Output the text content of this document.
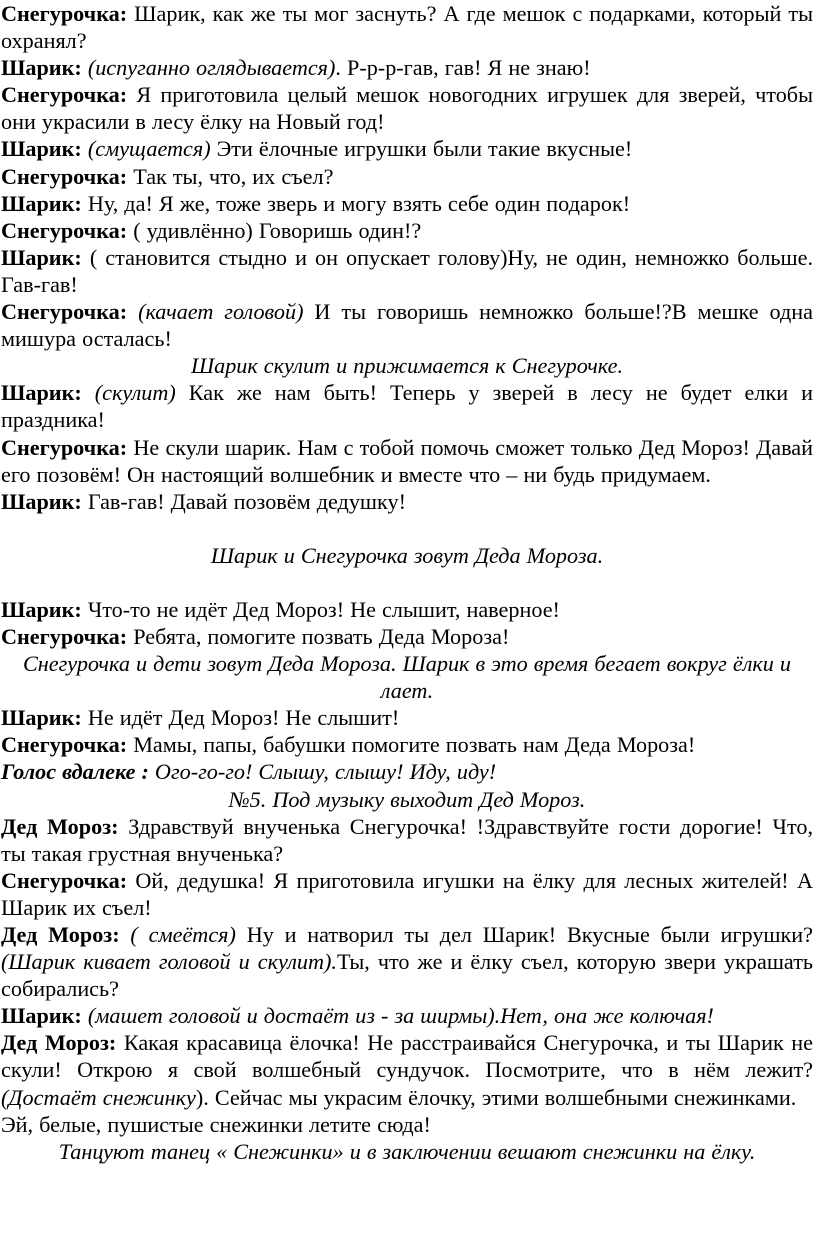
Снегурочка: Шарик, как же ты мог заснуть? А где мешок с подарками, который ты охранял?

Шарик: (испуганно оглядывается). Р-р-р-гав, гав! Я не знаю!

Снегурочка: Я приготовила целый мешок новогодних игрушек для зверей, чтобы они украсили в лесу ёлку на Новый год!

Шарик: (смущается) Эти ёлочные игрушки были такие вкусные!

Снегурочка: Так ты, что, их съел?

Шарик: Ну, да! Я же, тоже зверь и могу взять себе один подарок!

Снегурочка: ( удивлённо) Говоришь один!?

Шарик: ( становится стыдно и он опускает голову)Ну, не один, немножко больше. Гав-гав!

Снегурочка: (качает головой) И ты говоришь немножко больше!?В мешке одна мишура осталась!

Шарик скулит и прижимается к Снегурочке.

Шарик: (скулит) Как же нам быть! Теперь у зверей в лесу не будет елки и праздника!

Снегурочка: Не скули шарик. Нам с тобой помочь сможет только Дед Мороз! Давай его позовём! Он настоящий волшебник и вместе что – ни будь придумаем.

Шарик: Гав-гав! Давай позовём дедушку!

Шарик и Снегурочка зовут Деда Мороза.

Шарик: Что-то не идёт Дед Мороз! Не слышит, наверное!

Снегурочка: Ребята, помогите позвать Деда Мороза!

Снегурочка и дети зовут Деда Мороза. Шарик в это время бегает вокруг ёлки и лает.

Шарик: Не идёт Дед Мороз! Не слышит!

Снегурочка: Мамы, папы, бабушки помогите позвать нам Деда Мороза!

Голос вдалеке : Ого-го-го! Слышу, слышу! Иду, иду!

№5. Под музыку выходит Дед Мороз.

Дед Мороз: Здравствуй внученька Снегурочка! !Здравствуйте гости дорогие! Что, ты такая грустная внученька?

Снегурочка: Ой, дедушка! Я приготовила игушки на ёлку для лесных жителей! А Шарик их съел!

Дед Мороз: ( смеётся) Ну и натворил ты дел Шарик! Вкусные были игрушки? (Шарик кивает головой и скулит).Ты, что же и ёлку съел, которую звери украшать собирались?

Шарик: (машет головой и достаёт из - за ширмы).Нет, она же колючая!

Дед Мороз: Какая красавица ёлочка! Не расстраивайся Снегурочка, и ты Шарик не скули! Открою я свой волшебный сундучок. Посмотрите, что в нём лежит? (Достаёт снежинку). Сейчас мы украсим ёлочку, этими волшебными снежинками.

Эй, белые, пушистые снежинки летите сюда!

Танцуют танец « Снежинки» и в заключении вешают снежинки на ёлку.
